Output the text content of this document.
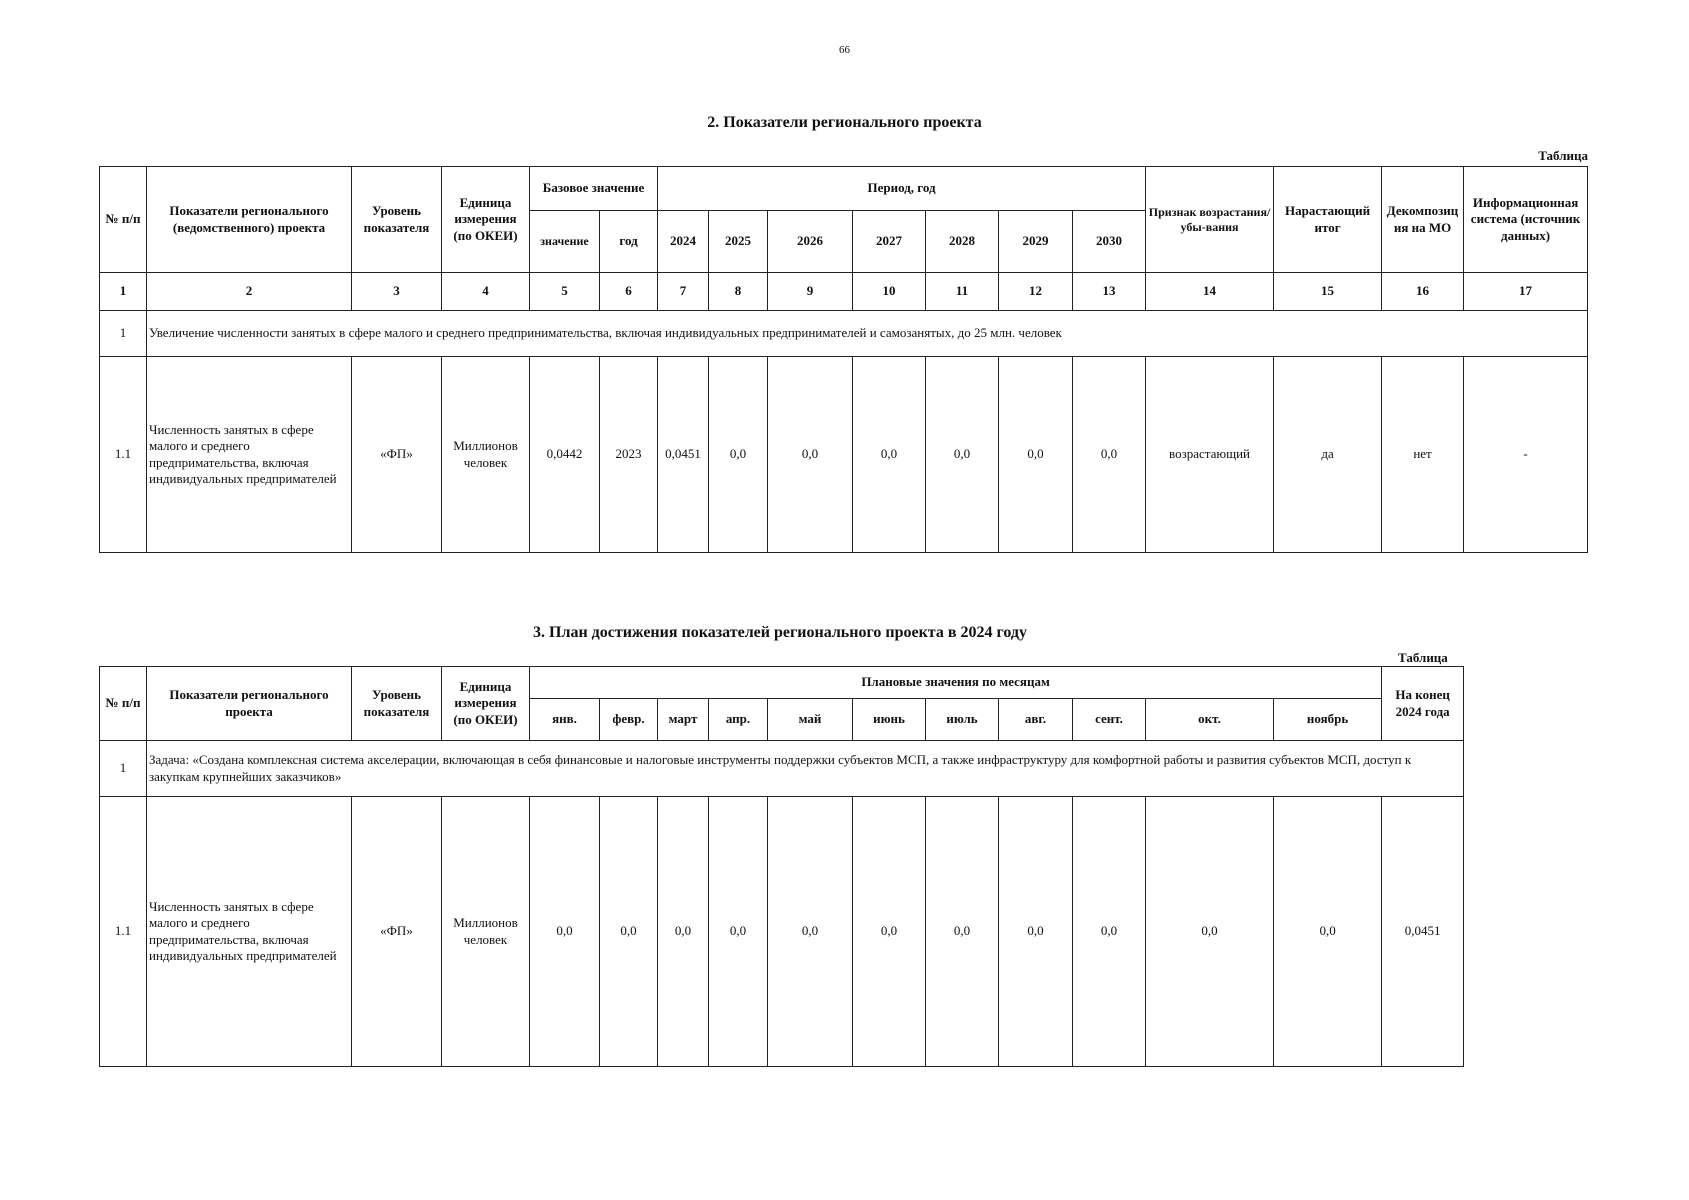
66
2. Показатели регионального проекта
Таблица
№ п/п	Показатели регионального (ведомственного) проекта	Уровень показателя	Единица измерения (по ОКЕИ)	Базовое значение		Период, год							Признак возрастания/убы-вания	Нарастающий итог	Декомпозиц ия на МО	Информационная система (источник данных)
				значение	год	2024	2025	2026	2027	2028	2029	2030				
1	2	3	4	5	6	7	8	9	10	11	12	13	14	15	16	17
1	Увеличение численности занятых в сфере малого и среднего предпринимательства, включая индивидуальных предпринимателей и самозанятых, до 25 млн. человек															
1.1	Численность занятых в сфере малого и среднего предпримательства, включая индивидуальных предпримателей	«ФП»	Миллионов человек	0,0442	2023	0,0451	0,0	0,0	0,0	0,0	0,0	0,0	возрастающий	да	нет	-
3. План достижения показателей регионального проекта в 2024 году
Таблица
№ п/п	Показатели регионального проекта	Уровень показателя	Единица измерения (по ОКЕИ)	Плановые значения по месяцам											На конец 2024 года
				янв.	февр.	март	апр.	май	июнь	июль	авг.	сент.	окт.	ноябрь	
1	Задача: «Создана комплексная система акселерации, включающая в себя финансовые и налоговые инструменты поддержки субъектов МСП, а также инфраструктуру для комфортной работы и развития субъектов МСП, доступ к закупкам крупнейших заказчиков»														
1.1	Численность занятых в сфере малого и среднего предпримательства, включая индивидуальных предпримателей	«ФП»	Миллионов человек	0,0	0,0	0,0	0,0	0,0	0,0	0,0	0,0	0,0	0,0	0,0	0,0451
